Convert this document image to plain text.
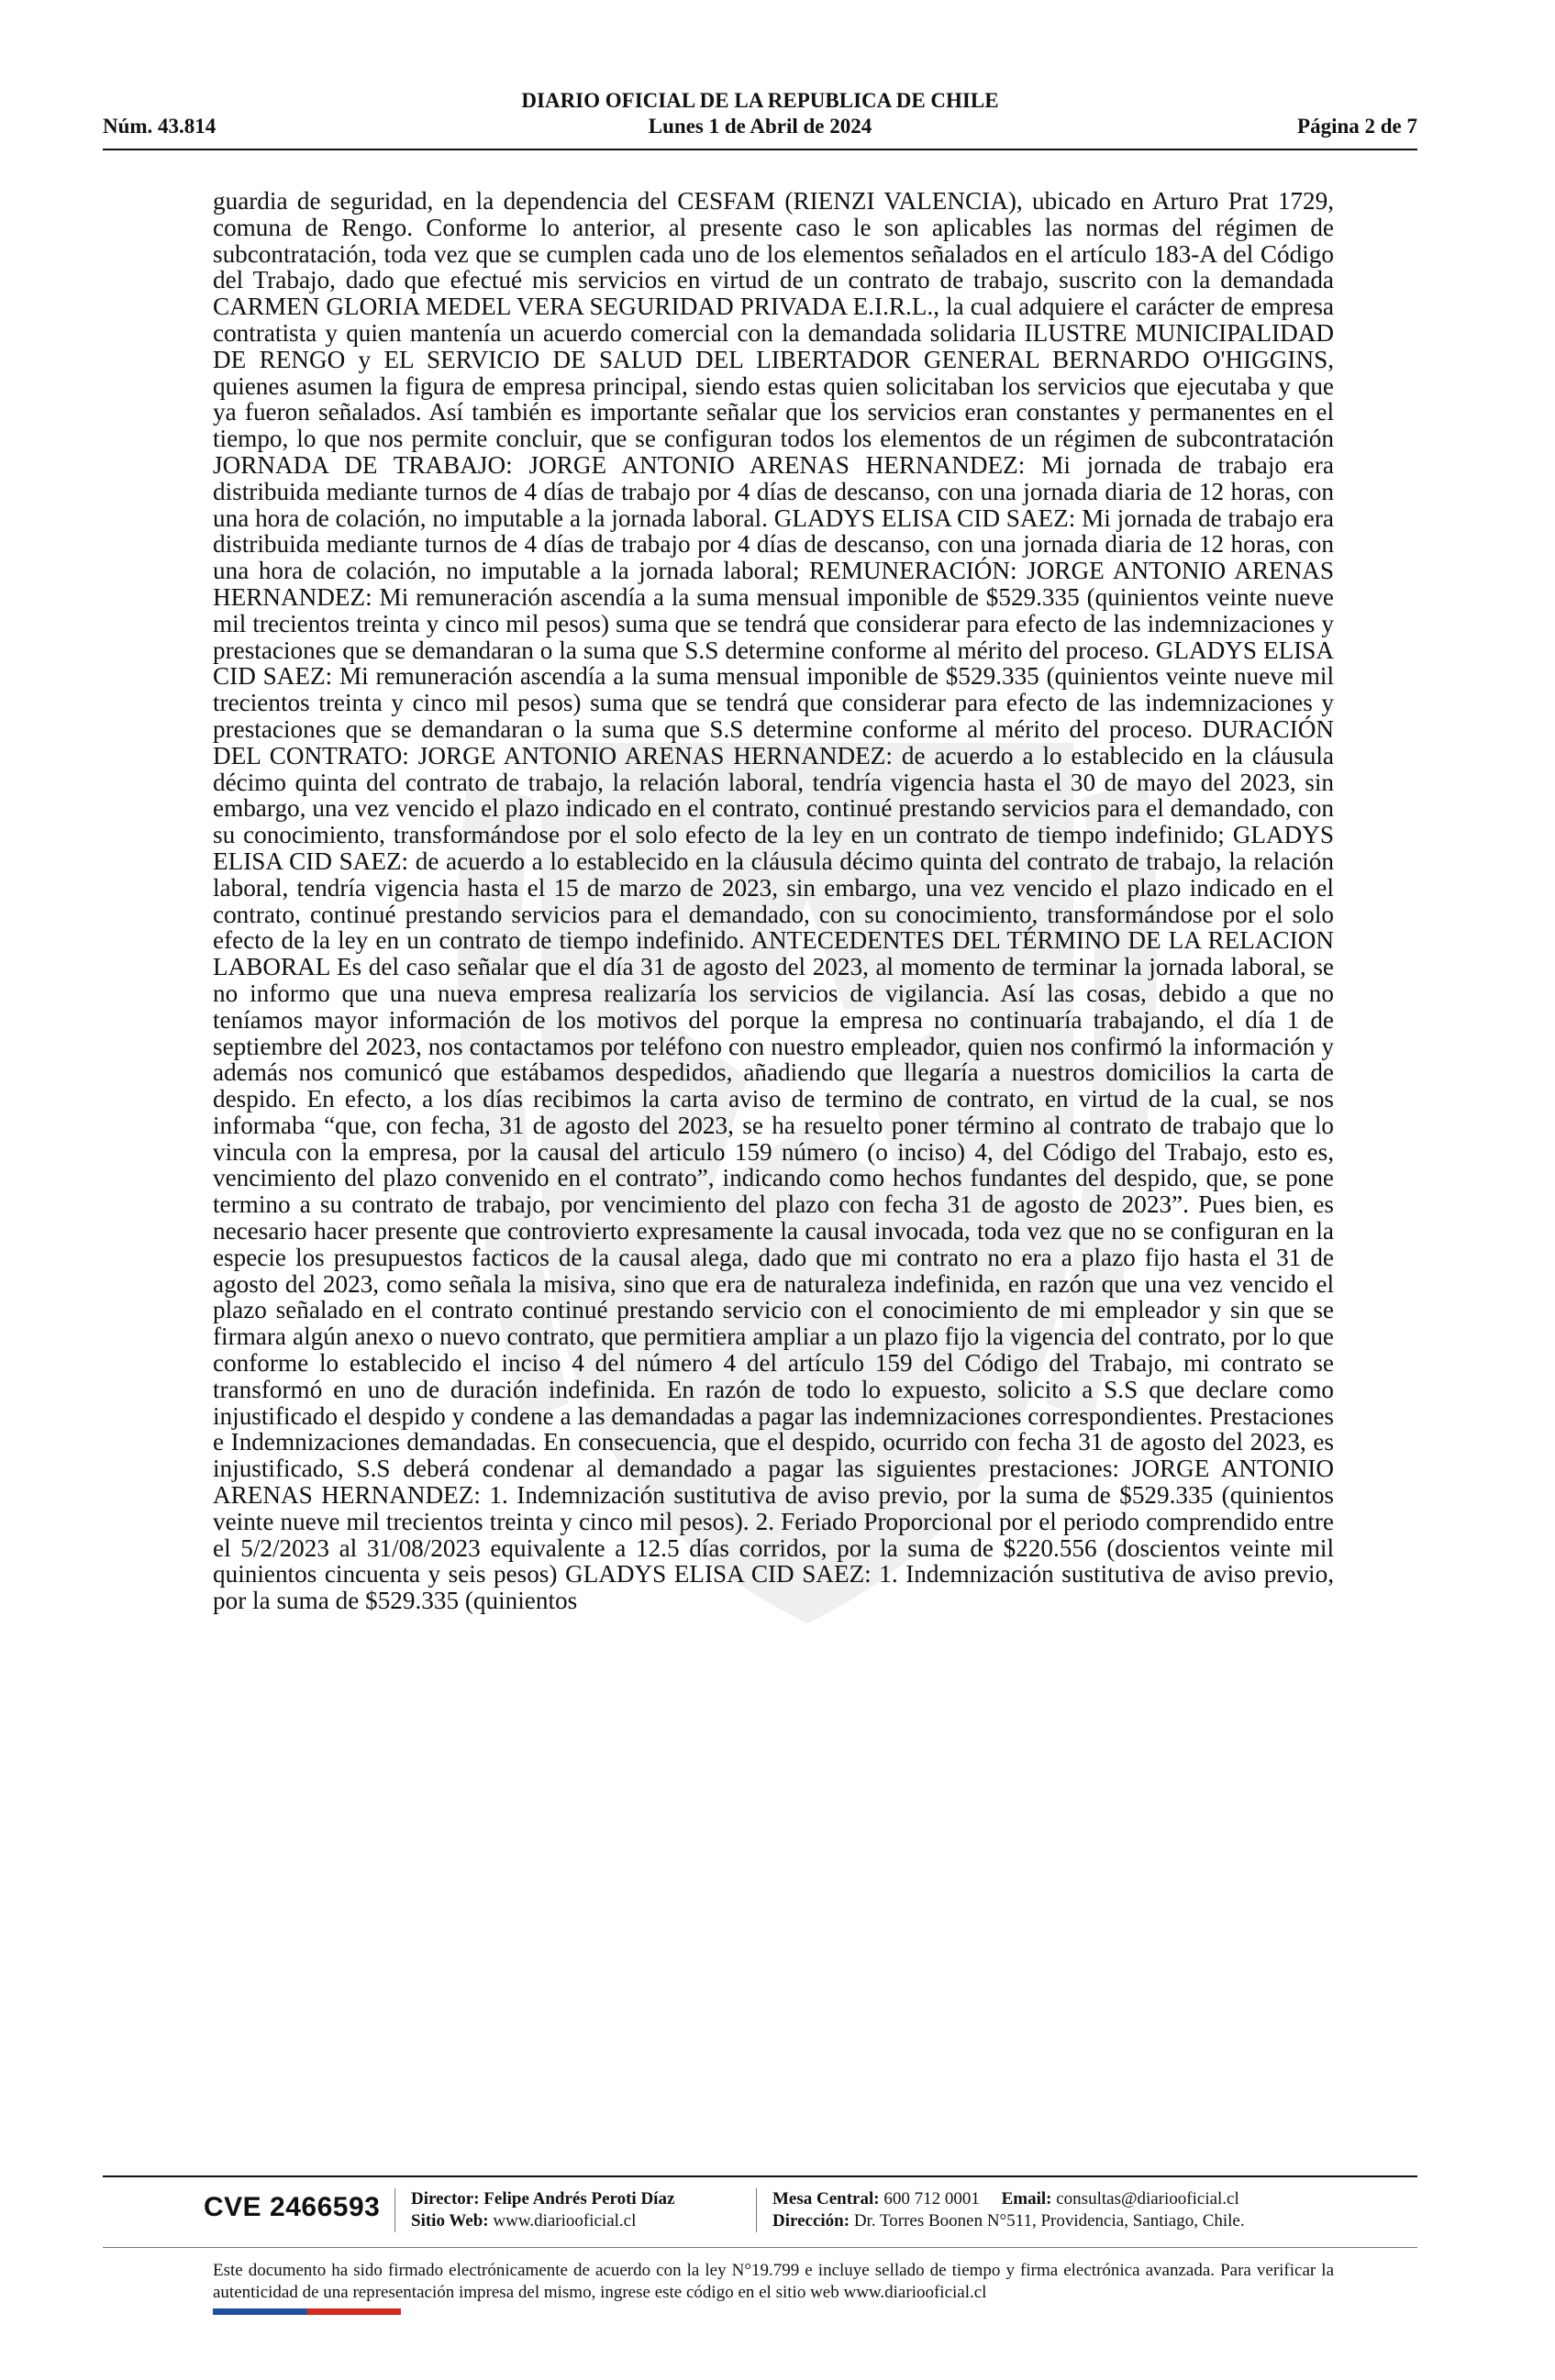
DIARIO OFICIAL DE LA REPUBLICA DE CHILE
Núm. 43.814	Lunes 1 de Abril de 2024	Página 2 de 7
guardia de seguridad, en la dependencia del CESFAM (RIENZI VALENCIA), ubicado en Arturo Prat 1729, comuna de Rengo. Conforme lo anterior, al presente caso le son aplicables las normas del régimen de subcontratación, toda vez que se cumplen cada uno de los elementos señalados en el artículo 183-A del Código del Trabajo, dado que efectué mis servicios en virtud de un contrato de trabajo, suscrito con la demandada CARMEN GLORIA MEDEL VERA SEGURIDAD PRIVADA E.I.R.L., la cual adquiere el carácter de empresa contratista y quien mantenía un acuerdo comercial con la demandada solidaria ILUSTRE MUNICIPALIDAD DE RENGO y EL SERVICIO DE SALUD DEL LIBERTADOR GENERAL BERNARDO O'HIGGINS, quienes asumen la figura de empresa principal, siendo estas quien solicitaban los servicios que ejecutaba y que ya fueron señalados. Así también es importante señalar que los servicios eran constantes y permanentes en el tiempo, lo que nos permite concluir, que se configuran todos los elementos de un régimen de subcontratación JORNADA DE TRABAJO: JORGE ANTONIO ARENAS HERNANDEZ: Mi jornada de trabajo era distribuida mediante turnos de 4 días de trabajo por 4 días de descanso, con una jornada diaria de 12 horas, con una hora de colación, no imputable a la jornada laboral. GLADYS ELISA CID SAEZ: Mi jornada de trabajo era distribuida mediante turnos de 4 días de trabajo por 4 días de descanso, con una jornada diaria de 12 horas, con una hora de colación, no imputable a la jornada laboral; REMUNERACIÓN: JORGE ANTONIO ARENAS HERNANDEZ: Mi remuneración ascendía a la suma mensual imponible de $529.335 (quinientos veinte nueve mil trecientos treinta y cinco mil pesos) suma que se tendrá que considerar para efecto de las indemnizaciones y prestaciones que se demandaran o la suma que S.S determine conforme al mérito del proceso. GLADYS ELISA CID SAEZ: Mi remuneración ascendía a la suma mensual imponible de $529.335 (quinientos veinte nueve mil trecientos treinta y cinco mil pesos) suma que se tendrá que considerar para efecto de las indemnizaciones y prestaciones que se demandaran o la suma que S.S determine conforme al mérito del proceso. DURACIÓN DEL CONTRATO: JORGE ANTONIO ARENAS HERNANDEZ: de acuerdo a lo establecido en la cláusula décimo quinta del contrato de trabajo, la relación laboral, tendría vigencia hasta el 30 de mayo del 2023, sin embargo, una vez vencido el plazo indicado en el contrato, continué prestando servicios para el demandado, con su conocimiento, transformándose por el solo efecto de la ley en un contrato de tiempo indefinido; GLADYS ELISA CID SAEZ: de acuerdo a lo establecido en la cláusula décimo quinta del contrato de trabajo, la relación laboral, tendría vigencia hasta el 15 de marzo de 2023, sin embargo, una vez vencido el plazo indicado en el contrato, continué prestando servicios para el demandado, con su conocimiento, transformándose por el solo efecto de la ley en un contrato de tiempo indefinido. ANTECEDENTES DEL TÉRMINO DE LA RELACION LABORAL Es del caso señalar que el día 31 de agosto del 2023, al momento de terminar la jornada laboral, se no informo que una nueva empresa realizaría los servicios de vigilancia. Así las cosas, debido a que no teníamos mayor información de los motivos del porque la empresa no continuaría trabajando, el día 1 de septiembre del 2023, nos contactamos por teléfono con nuestro empleador, quien nos confirmó la información y además nos comunicó que estábamos despedidos, añadiendo que llegaría a nuestros domicilios la carta de despido. En efecto, a los días recibimos la carta aviso de termino de contrato, en virtud de la cual, se nos informaba “que, con fecha, 31 de agosto del 2023, se ha resuelto poner término al contrato de trabajo que lo vincula con la empresa, por la causal del articulo 159 número (o inciso) 4, del Código del Trabajo, esto es, vencimiento del plazo convenido en el contrato”, indicando como hechos fundantes del despido, que, se pone termino a su contrato de trabajo, por vencimiento del plazo con fecha 31 de agosto de 2023”. Pues bien, es necesario hacer presente que controvierto expresamente la causal invocada, toda vez que no se configuran en la especie los presupuestos facticos de la causal alega, dado que mi contrato no era a plazo fijo hasta el 31 de agosto del 2023, como señala la misiva, sino que era de naturaleza indefinida, en razón que una vez vencido el plazo señalado en el contrato continué prestando servicio con el conocimiento de mi empleador y sin que se firmara algún anexo o nuevo contrato, que permitiera ampliar a un plazo fijo la vigencia del contrato, por lo que conforme lo establecido el inciso 4 del número 4 del artículo 159 del Código del Trabajo, mi contrato se transformó en uno de duración indefinida. En razón de todo lo expuesto, solicito a S.S que declare como injustificado el despido y condene a las demandadas a pagar las indemnizaciones correspondientes. Prestaciones e Indemnizaciones demandadas. En consecuencia, que el despido, ocurrido con fecha 31 de agosto del 2023, es injustificado, S.S deberá condenar al demandado a pagar las siguientes prestaciones: JORGE ANTONIO ARENAS HERNANDEZ: 1. Indemnización sustitutiva de aviso previo, por la suma de $529.335 (quinientos veinte nueve mil trecientos treinta y cinco mil pesos). 2. Feriado Proporcional por el periodo comprendido entre el 5/2/2023 al 31/08/2023 equivalente a 12.5 días corridos, por la suma de $220.556 (doscientos veinte mil quinientos cincuenta y seis pesos) GLADYS ELISA CID SAEZ: 1. Indemnización sustitutiva de aviso previo, por la suma de $529.335 (quinientos
CVE 2466593 Director: Felipe Andrés Peroti Díaz
Sitio Web: www.diariooficial.cl
Mesa Central: 600 712 0001 Email: consultas@diariooficial.cl
Dirección: Dr. Torres Boonen N°511, Providencia, Santiago, Chile.
Este documento ha sido firmado electrónicamente de acuerdo con la ley N°19.799 e incluye sellado de tiempo y firma electrónica avanzada. Para verificar la autenticidad de una representación impresa del mismo, ingrese este código en el sitio web www.diariooficial.cl
